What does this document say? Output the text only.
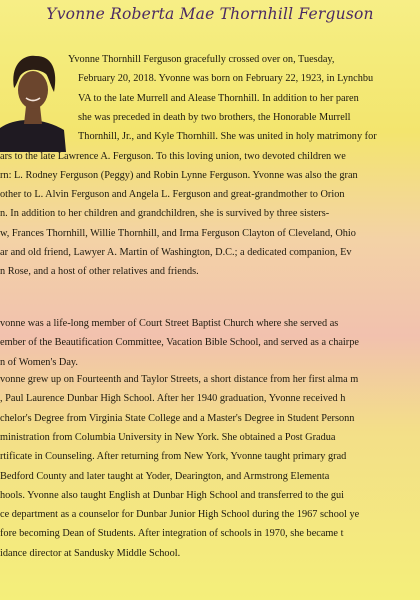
Yvonne Roberta Mae Thornhill Ferguson
Yvonne Thornhill Ferguson gracefully crossed over on, Tuesday,
February 20, 2018. Yvonne was born on February 22, 1923, in Lynchbu
VA to the late Murrell and Alease Thornhill. In addition to her paren
she was preceded in death by two brothers, the Honorable Murrell
Thornhill, Jr., and Kyle Thornhill. She was united in holy matrimony for
ars to the late Lawrence A. Ferguson. To this loving union, two devoted children we
rn: L. Rodney Ferguson (Peggy) and Robin Lynne Ferguson. Yvonne was also the gran
other to L. Alvin Ferguson and Angela L. Ferguson and great-grandmother to Orion
n. In addition to her children and grandchildren, she is survived by three sisters-
w, Frances Thornhill, Willie Thornhill, and Irma Ferguson Clayton of Cleveland, Ohio
ar and old friend, Lawyer A. Martin of Washington, D.C.; a dedicated companion, Ev
n Rose, and a host of other relatives and friends.
vonne was a life-long member of Court Street Baptist Church where she served as
ember of the Beautification Committee, Vacation Bible School, and served as a chairpe
n of Women's Day.
vonne grew up on Fourteenth and Taylor Streets, a short distance from her first alma m
, Paul Laurence Dunbar High School. After her 1940 graduation, Yvonne received h
chelor's Degree from Virginia State College and a Master's Degree in Student Personn
ministration from Columbia University in New York. She obtained a Post Gradua
rtificate in Counseling. After returning from New York, Yvonne taught primary grad
Bedford County and later taught at Yoder, Dearington, and Armstrong Elementa
hools. Yvonne also taught English at Dunbar High School and transferred to the gui
ce department as a counselor for Dunbar Junior High School during the 1967 school ye
fore becoming Dean of Students. After integration of schools in 1970, she became t
idance director at Sandusky Middle School.
